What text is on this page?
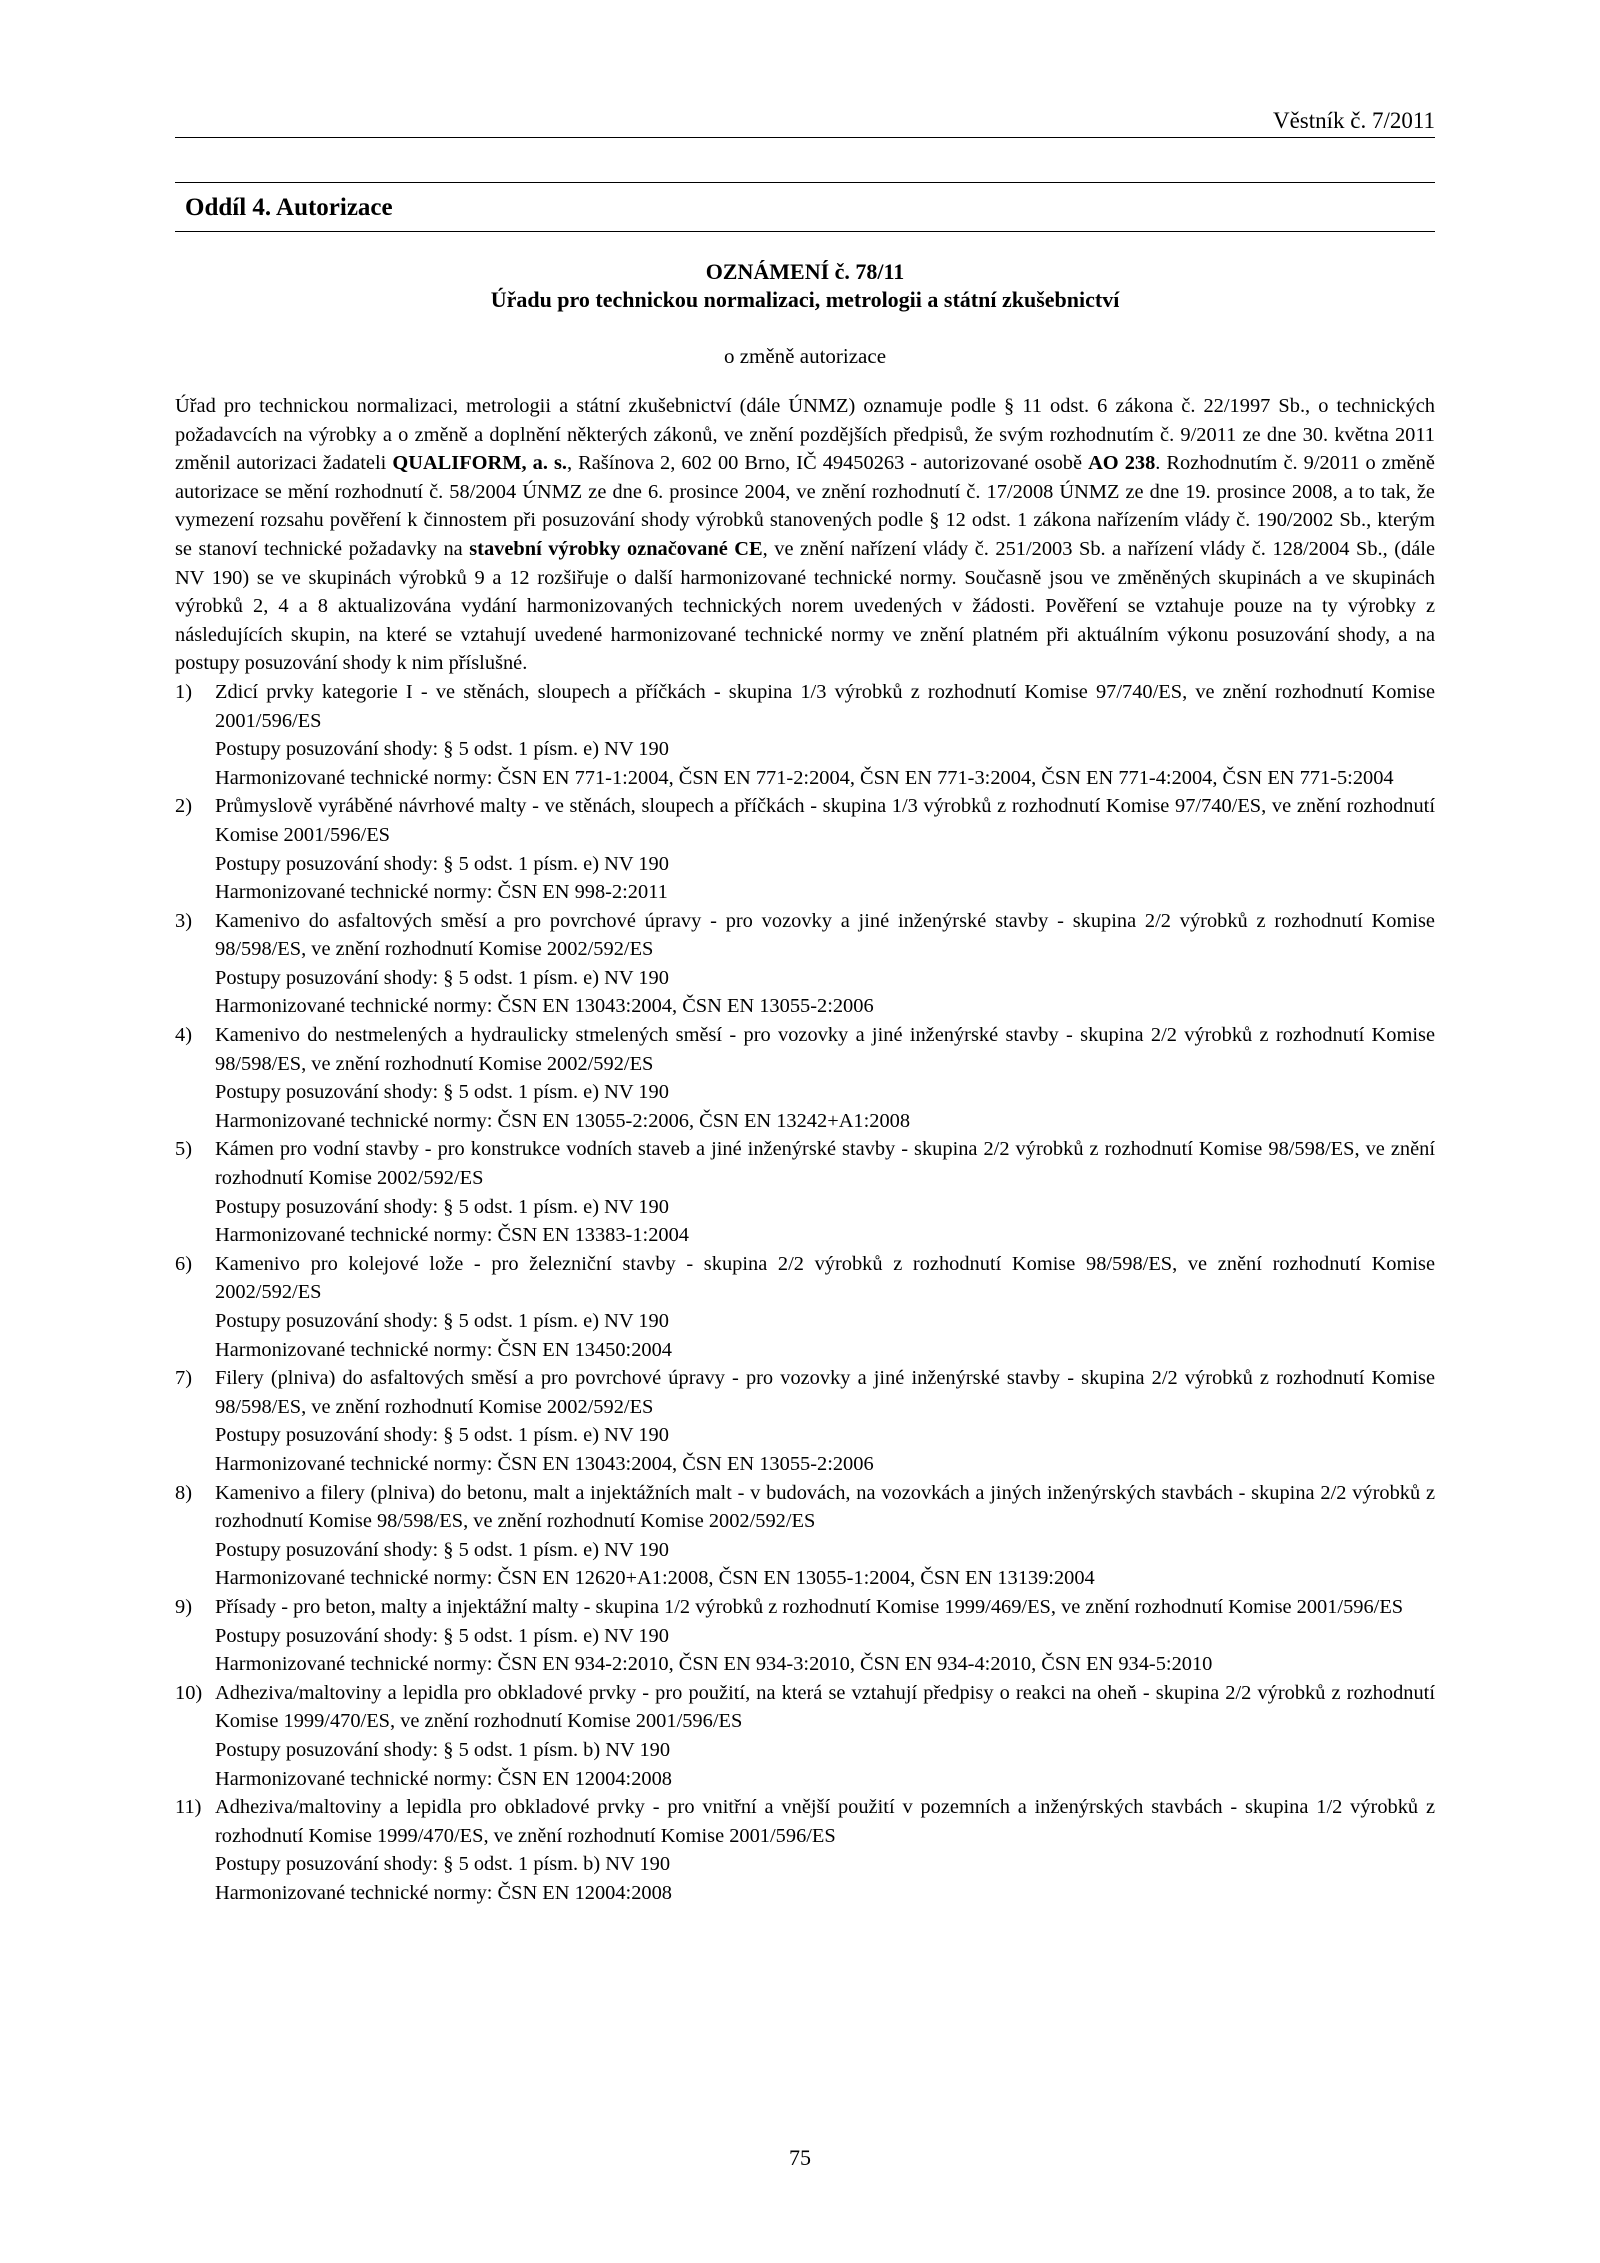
Věstník č. 7/2011
Oddíl 4. Autorizace
OZNÁMENÍ č. 78/11
Úřadu pro technickou normalizaci, metrologii a státní zkušebnictví
o změně autorizace

Úřad pro technickou normalizaci, metrologii a státní zkušebnictví (dále ÚNMZ) oznamuje podle § 11 odst. 6 zákona č. 22/1997 Sb., o technických požadavcích na výrobky a o změně a doplnění některých zákonů, ve znění pozdějších předpisů, že svým rozhodnutím č. 9/2011 ze dne 30. května 2011 změnil autorizaci žadateli QUALIFORM, a. s., Rašínova 2, 602 00 Brno, IČ 49450263 - autorizované osobě AO 238. Rozhodnutím č. 9/2011 o změně autorizace se mění rozhodnutí č. 58/2004 ÚNMZ ze dne 6. prosince 2004, ve znění rozhodnutí č. 17/2008 ÚNMZ ze dne 19. prosince 2008, a to tak, že vymezení rozsahu pověření k činnostem při posuzování shody výrobků stanovených podle § 12 odst. 1 zákona nařízením vlády č. 190/2002 Sb., kterým se stanoví technické požadavky na stavební výrobky označované CE, ve znění nařízení vlády č. 251/2003 Sb. a nařízení vlády č. 128/2004 Sb., (dále NV 190) se ve skupinách výrobků 9 a 12 rozšiřuje o další harmonizované technické normy. Současně jsou ve změněných skupinách a ve skupinách výrobků 2, 4 a 8 aktualizována vydání harmonizovaných technických norem uvedených v žádosti. Pověření se vztahuje pouze na ty výrobky z následujících skupin, na které se vztahují uvedené harmonizované technické normy ve znění platném při aktuálním výkonu posuzování shody, a na postupy posuzování shody k nim příslušné.

1) Zdicí prvky kategorie I - ve stěnách, sloupech a příčkách - skupina 1/3 výrobků z rozhodnutí Komise 97/740/ES, ve znění rozhodnutí Komise 2001/596/ES
Postupy posuzování shody: § 5 odst. 1 písm. e) NV 190
Harmonizované technické normy: ČSN EN 771-1:2004, ČSN EN 771-2:2004, ČSN EN 771-3:2004, ČSN EN 771-4:2004, ČSN EN 771-5:2004
2) Průmyslově vyráběné návrhové malty - ve stěnách, sloupech a příčkách - skupina 1/3 výrobků z rozhodnutí Komise 97/740/ES, ve znění rozhodnutí Komise 2001/596/ES
Postupy posuzování shody: § 5 odst. 1 písm. e) NV 190
Harmonizované technické normy: ČSN EN 998-2:2011
3) Kamenivo do asfaltových směsí a pro povrchové úpravy - pro vozovky a jiné inženýrské stavby - skupina 2/2 výrobků z rozhodnutí Komise 98/598/ES, ve znění rozhodnutí Komise 2002/592/ES
Postupy posuzování shody: § 5 odst. 1 písm. e) NV 190
Harmonizované technické normy: ČSN EN 13043:2004, ČSN EN 13055-2:2006
4) Kamenivo do nestmelených a hydraulicky stmelených směsí - pro vozovky a jiné inženýrské stavby - skupina 2/2 výrobků z rozhodnutí Komise 98/598/ES, ve znění rozhodnutí Komise 2002/592/ES
Postupy posuzování shody: § 5 odst. 1 písm. e) NV 190
Harmonizované technické normy: ČSN EN 13055-2:2006, ČSN EN 13242+A1:2008
5) Kámen pro vodní stavby - pro konstrukce vodních staveb a jiné inženýrské stavby - skupina 2/2 výrobků z rozhodnutí Komise 98/598/ES, ve znění rozhodnutí Komise 2002/592/ES
Postupy posuzování shody: § 5 odst. 1 písm. e) NV 190
Harmonizované technické normy: ČSN EN 13383-1:2004
6) Kamenivo pro kolejové lože - pro železniční stavby - skupina 2/2 výrobků z rozhodnutí Komise 98/598/ES, ve znění rozhodnutí Komise 2002/592/ES
Postupy posuzování shody: § 5 odst. 1 písm. e) NV 190
Harmonizované technické normy: ČSN EN 13450:2004
7) Filery (plniva) do asfaltových směsí a pro povrchové úpravy - pro vozovky a jiné inženýrské stavby - skupina 2/2 výrobků z rozhodnutí Komise 98/598/ES, ve znění rozhodnutí Komise 2002/592/ES
Postupy posuzování shody: § 5 odst. 1 písm. e) NV 190
Harmonizované technické normy: ČSN EN 13043:2004, ČSN EN 13055-2:2006
8) Kamenivo a filery (plniva) do betonu, malt a injektážních malt - v budovách, na vozovkách a jiných inženýrských stavbách - skupina 2/2 výrobků z rozhodnutí Komise 98/598/ES, ve znění rozhodnutí Komise 2002/592/ES
Postupy posuzování shody: § 5 odst. 1 písm. e) NV 190
Harmonizované technické normy: ČSN EN 12620+A1:2008, ČSN EN 13055-1:2004, ČSN EN 13139:2004
9) Přísady - pro beton, malty a injektážní malty - skupina 1/2 výrobků z rozhodnutí Komise 1999/469/ES, ve znění rozhodnutí Komise 2001/596/ES
Postupy posuzování shody: § 5 odst. 1 písm. e) NV 190
Harmonizované technické normy: ČSN EN 934-2:2010, ČSN EN 934-3:2010, ČSN EN 934-4:2010, ČSN EN 934-5:2010
10) Adheziva/maltoviny a lepidla pro obkladové prvky - pro použití, na která se vztahují předpisy o reakci na oheň - skupina 2/2 výrobků z rozhodnutí Komise 1999/470/ES, ve znění rozhodnutí Komise 2001/596/ES
Postupy posuzování shody: § 5 odst. 1 písm. b) NV 190
Harmonizované technické normy: ČSN EN 12004:2008
11) Adheziva/maltoviny a lepidla pro obkladové prvky - pro vnitřní a vnější použití v pozemních a inženýrských stavbách - skupina 1/2 výrobků z rozhodnutí Komise 1999/470/ES, ve znění rozhodnutí Komise 2001/596/ES
Postupy posuzování shody: § 5 odst. 1 písm. b) NV 190
Harmonizované technické normy: ČSN EN 12004:2008
75
